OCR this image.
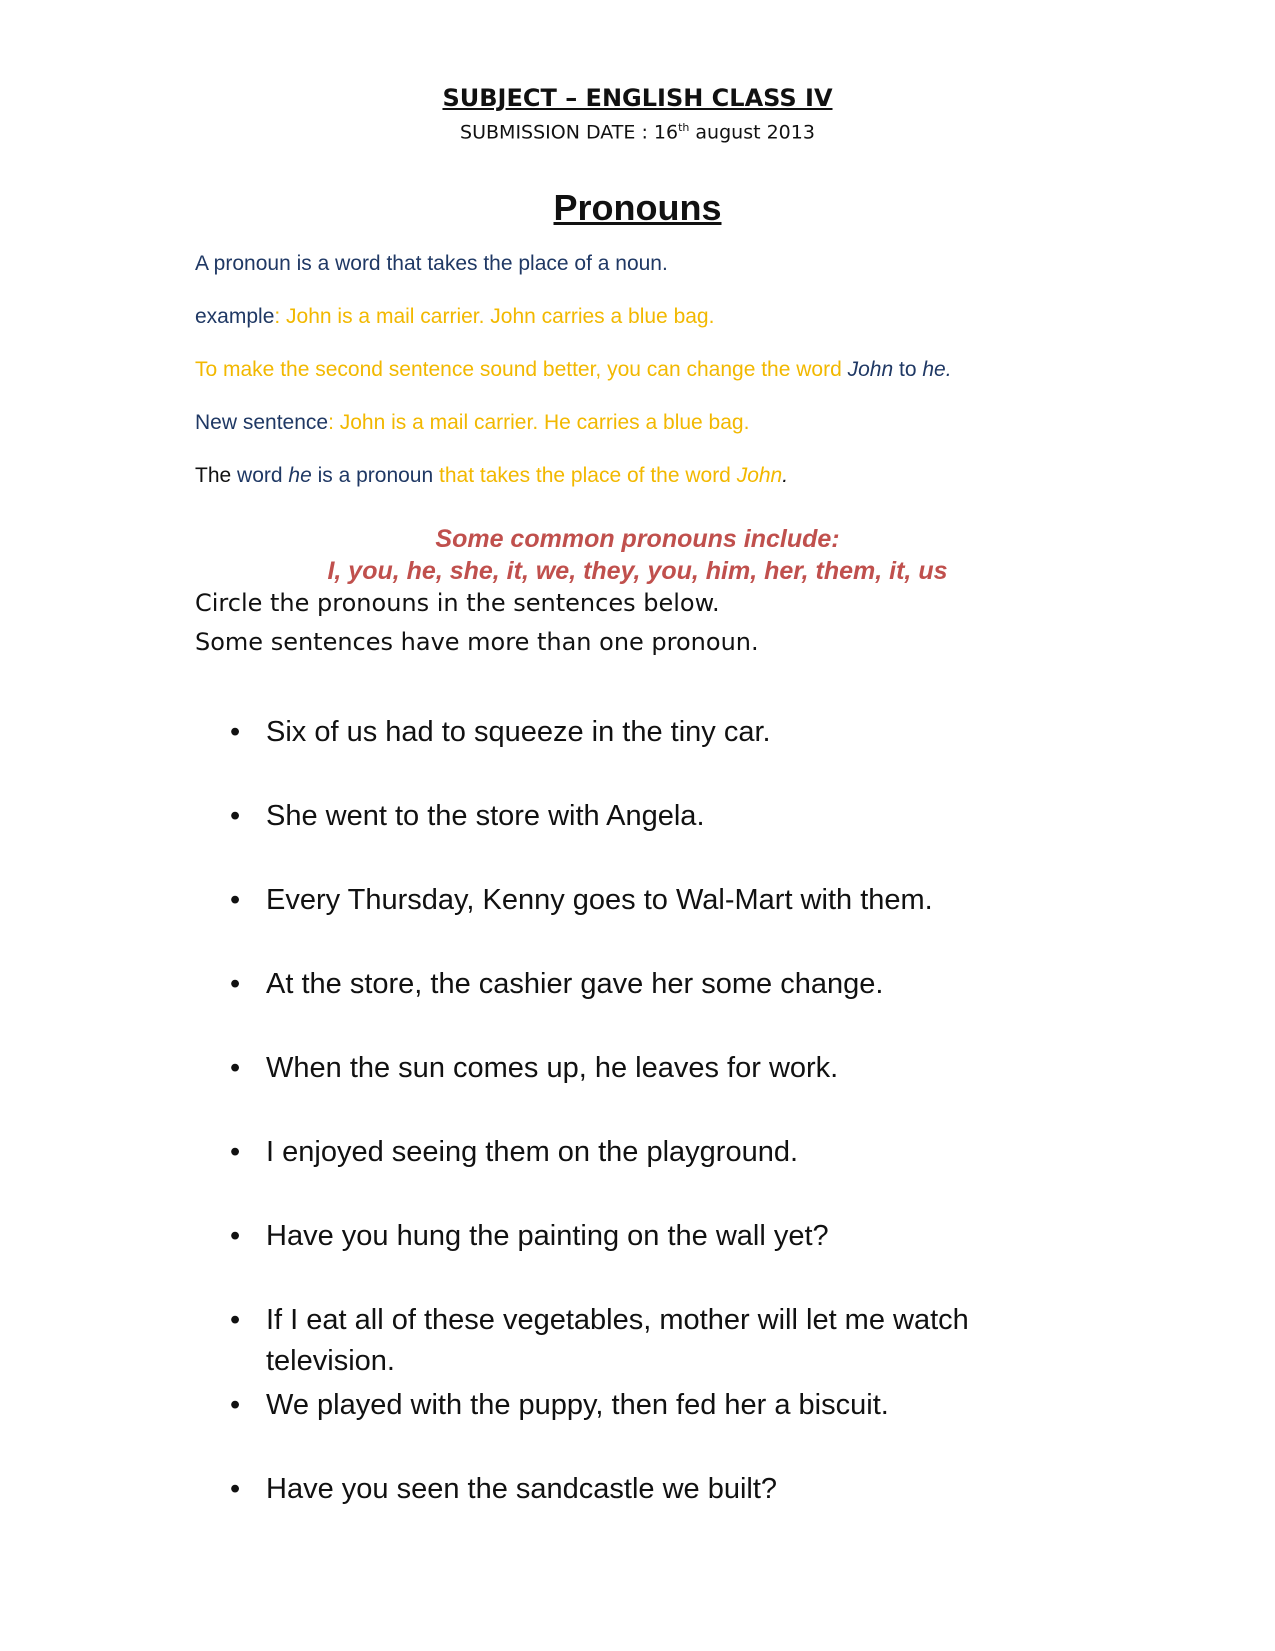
SUBJECT – ENGLISH CLASS IV
SUBMISSION DATE : 16th august 2013
Pronouns
A pronoun is a word that takes the place of a noun.
example: John is a mail carrier. John carries a blue bag.
To make the second sentence sound better, you can change the word John to he.
New sentence: John is a mail carrier. He carries a blue bag.
The word he is a pronoun that takes the place of the word John.
Some common pronouns include:
I, you, he, she, it, we, they, you, him, her, them, it, us
Circle the pronouns in the sentences below.
Some sentences have more than one pronoun.
• Six of us had to squeeze in the tiny car.
• She went to the store with Angela.
• Every Thursday, Kenny goes to Wal-Mart with them.
• At the store, the cashier gave her some change.
• When the sun comes up, he leaves for work.
• I enjoyed seeing them on the playground.
• Have you hung the painting on the wall yet?
• If I eat all of these vegetables, mother will let me watch television.
• We played with the puppy, then fed her a biscuit.
• Have you seen the sandcastle we built?
